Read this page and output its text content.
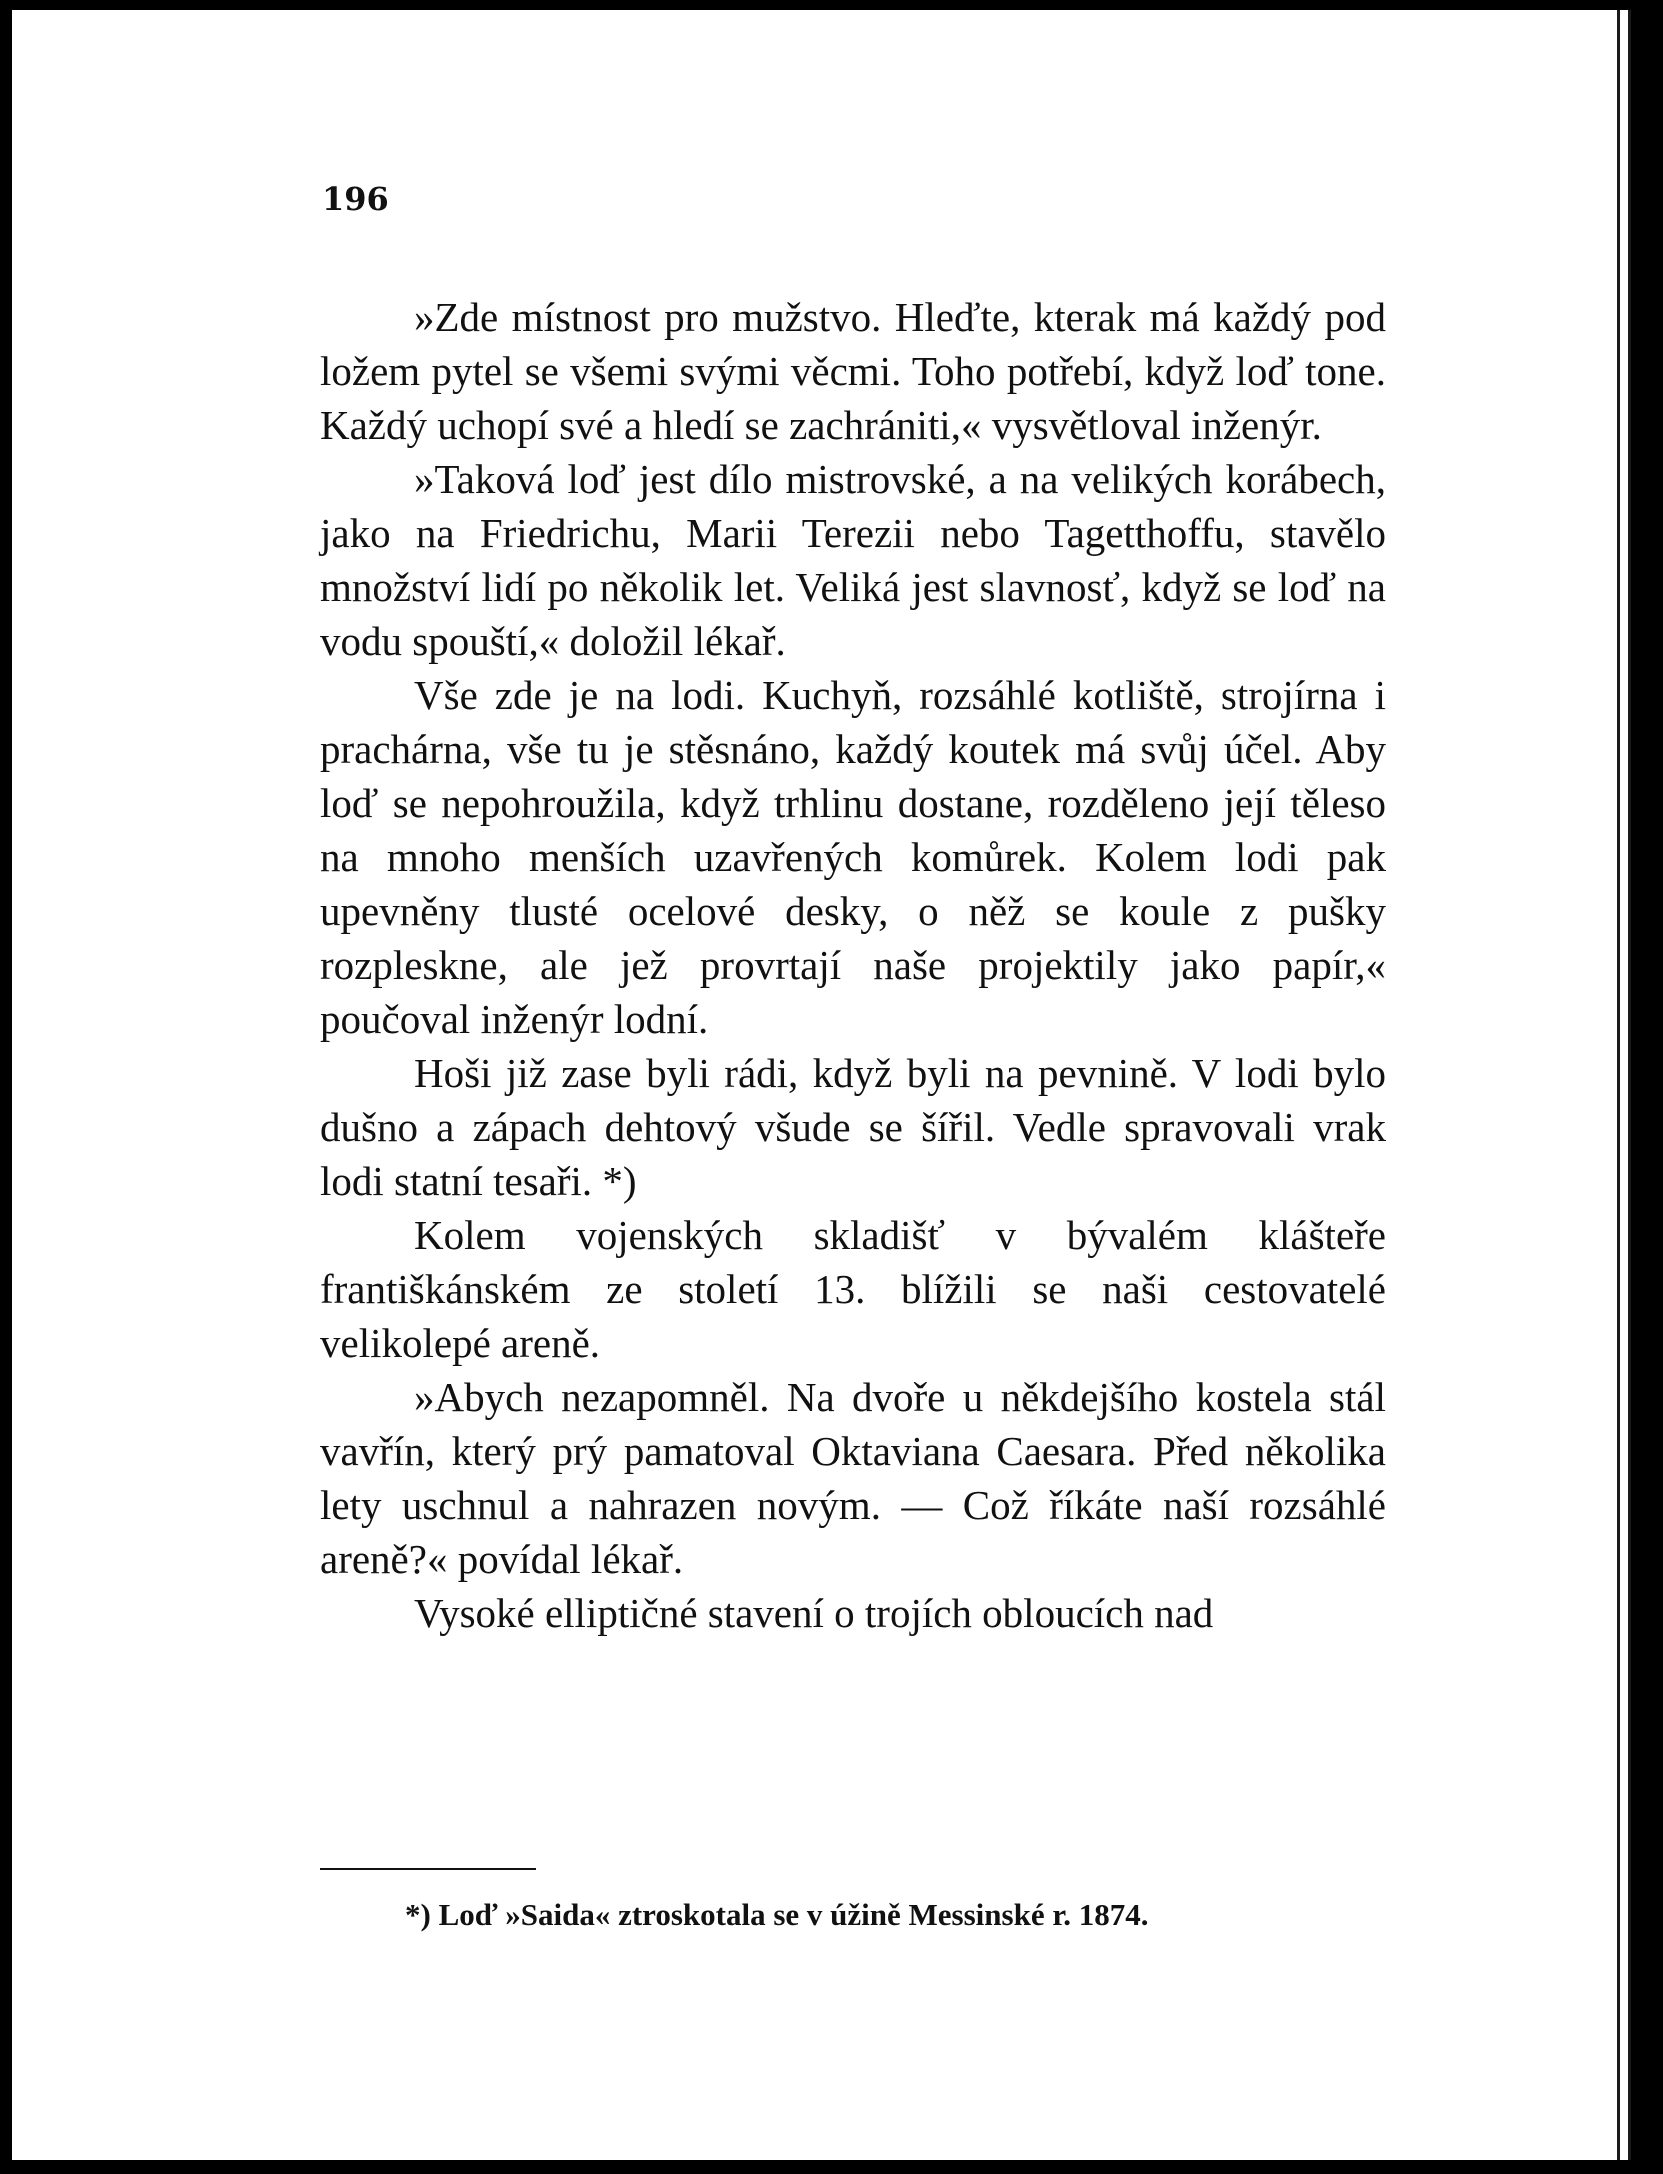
196

»Zde místnost pro mužstvo. Hleďte, kterak má každý pod ložem pytel se všemi svými věcmi. Toho potřebí, když loď tone. Každý uchopí své a hledí se zachrániti,« vysvětloval inženýr.

»Taková loď jest dílo mistrovské, a na velikých korábech, jako na Friedrichu, Marii Terezii nebo Tagetthoffu, stavělo množství lidí po několik let. Veliká jest slavnosť, když se loď na vodu spouští,« doložil lékař.

Vše zde je na lodi. Kuchyň, rozsáhlé kotliště, strojírna i prachárna, vše tu je stěsnáno, každý koutek má svůj účel. Aby loď se nepohroužila, když trhlinu dostane, rozděleno její těleso na mnoho menších uzavřených komůrek. Kolem lodi pak upevněny tlusté ocelové desky, o něž se koule z pušky rozpleskne, ale jež provrtají naše projektily jako papír,« poučoval inženýr lodní.

Hoši již zase byli rádi, když byli na pevnině. V lodi bylo dušno a zápach dehtový všude se šířil. Vedle spravovali vrak lodi statní tesaři. *)

Kolem vojenských skladišť v bývalém klášteře františkánském ze století 13. blížili se naši cestovatelé velikolepé areně.

»Abych nezapomněl. Na dvoře u někdejšího kostela stál vavřín, který prý pamatoval Oktaviana Caesara. Před několika lety uschnul a nahrazen novým. — Což říkáte naší rozsáhlé areně?« povídal lékař.

Vysoké elliptičné stavení o trojích obloucích nad

*) Loď »Saida« ztroskotala se v úžině Messinské r. 1874.
